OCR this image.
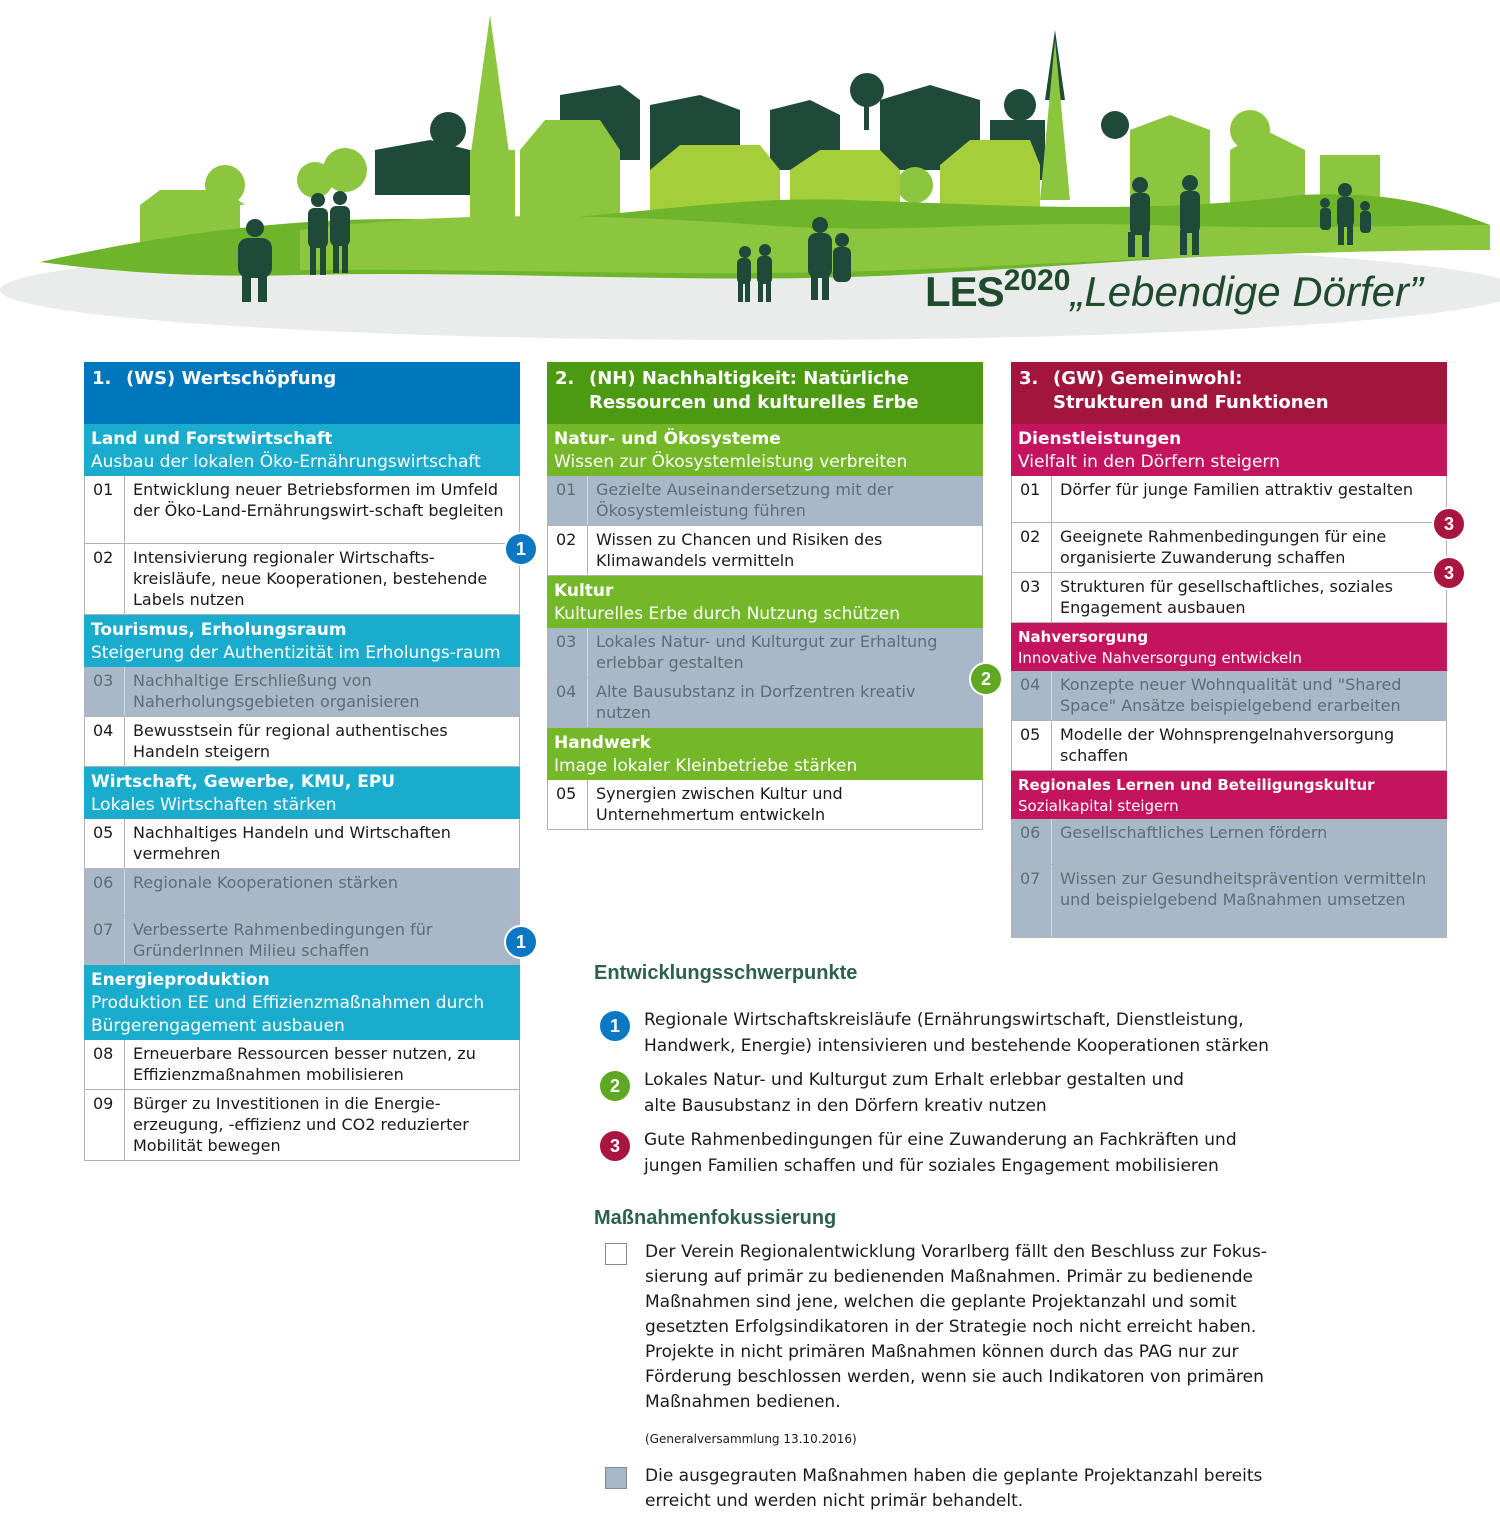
LES2020„Lebendige Dörfer”
1. (WS) Wertschöpfung
Land und Forstwirtschaft
Ausbau der lokalen Öko-Ernährungswirtschaft
01	Entwicklung neuer Betriebsformen im Umfeld der Öko-Land-Ernährungswirt-schaft begleiten
02	Intensivierung regionaler Wirtschafts-kreisläufe, neue Kooperationen, bestehende Labels nutzen
Tourismus, Erholungsraum
Steigerung der Authentizität im Erholungs-raum
03	Nachhaltige Erschließung von Naherholungsgebieten organisieren
04	Bewusstsein für regional authentisches Handeln steigern
Wirtschaft, Gewerbe, KMU, EPU
Lokales Wirtschaften stärken
05	Nachhaltiges Handeln und Wirtschaften vermehren
06	Regionale Kooperationen stärken
07	Verbesserte Rahmenbedingungen für GründerInnen Milieu schaffen
Energieproduktion
Produktion EE und Effizienzmaßnahmen durch Bürgerengagement ausbauen
08	Erneuerbare Ressourcen besser nutzen, zu Effizienzmaßnahmen mobilisieren
09	Bürger zu Investitionen in die Energie-erzeugung, -effizienz und CO2 reduzierter Mobilität bewegen
2. (NH) Nachhaltigkeit: Natürliche
Ressourcen und kulturelles Erbe
Natur- und Ökosysteme
Wissen zur Ökosystemleistung verbreiten
01	Gezielte Auseinandersetzung mit der Ökosystemleistung führen
02	Wissen zu Chancen und Risiken des Klimawandels vermitteln
Kultur
Kulturelles Erbe durch Nutzung schützen
03	Lokales Natur- und Kulturgut zur Erhaltung erlebbar gestalten
04	Alte Bausubstanz in Dorfzentren kreativ nutzen
Handwerk
Image lokaler Kleinbetriebe stärken
05	Synergien zwischen Kultur und Unternehmertum entwickeln
3. (GW) Gemeinwohl:
Strukturen und Funktionen
Dienstleistungen
Vielfalt in den Dörfern steigern
01	Dörfer für junge Familien attraktiv gestalten
02	Geeignete Rahmenbedingungen für eine organisierte Zuwanderung schaffen
03	Strukturen für gesellschaftliches, soziales Engagement ausbauen
Nahversorgung
Innovative Nahversorgung entwickeln
04	Konzepte neuer Wohnqualität und "Shared Space" Ansätze beispielgebend erarbeiten
05	Modelle der Wohnsprengelnahversorgung schaffen
Regionales Lernen und Beteiligungskultur
Sozialkapital steigern
06	Gesellschaftliches Lernen fördern
07	Wissen zur Gesundheitsprävention vermitteln und beispielgebend Maßnahmen umsetzen
1
1
2
3
3
Entwicklungsschwerpunkte
1	Regionale Wirtschaftskreisläufe (Ernährungswirtschaft, Dienstleistung,
Handwerk, Energie) intensivieren und bestehende Kooperationen stärken
2	Lokales Natur- und Kulturgut zum Erhalt erlebbar gestalten und
alte Bausubstanz in den Dörfern kreativ nutzen
3	Gute Rahmenbedingungen für eine Zuwanderung an Fachkräften und
jungen Familien schaffen und für soziales Engagement mobilisieren
Maßnahmenfokussierung
Der Verein Regionalentwicklung Vorarlberg fällt den Beschluss zur Fokus-
sierung auf primär zu bedienenden Maßnahmen. Primär zu bedienende
Maßnahmen sind jene, welchen die geplante Projektanzahl und somit
gesetzten Erfolgsindikatoren in der Strategie noch nicht erreicht haben.
Projekte in nicht primären Maßnahmen können durch das PAG nur zur
Förderung beschlossen werden, wenn sie auch Indikatoren von primären
Maßnahmen bedienen.
(Generalversammlung 13.10.2016)
Die ausgegrauten Maßnahmen haben die geplante Projektanzahl bereits
erreicht und werden nicht primär behandelt.
